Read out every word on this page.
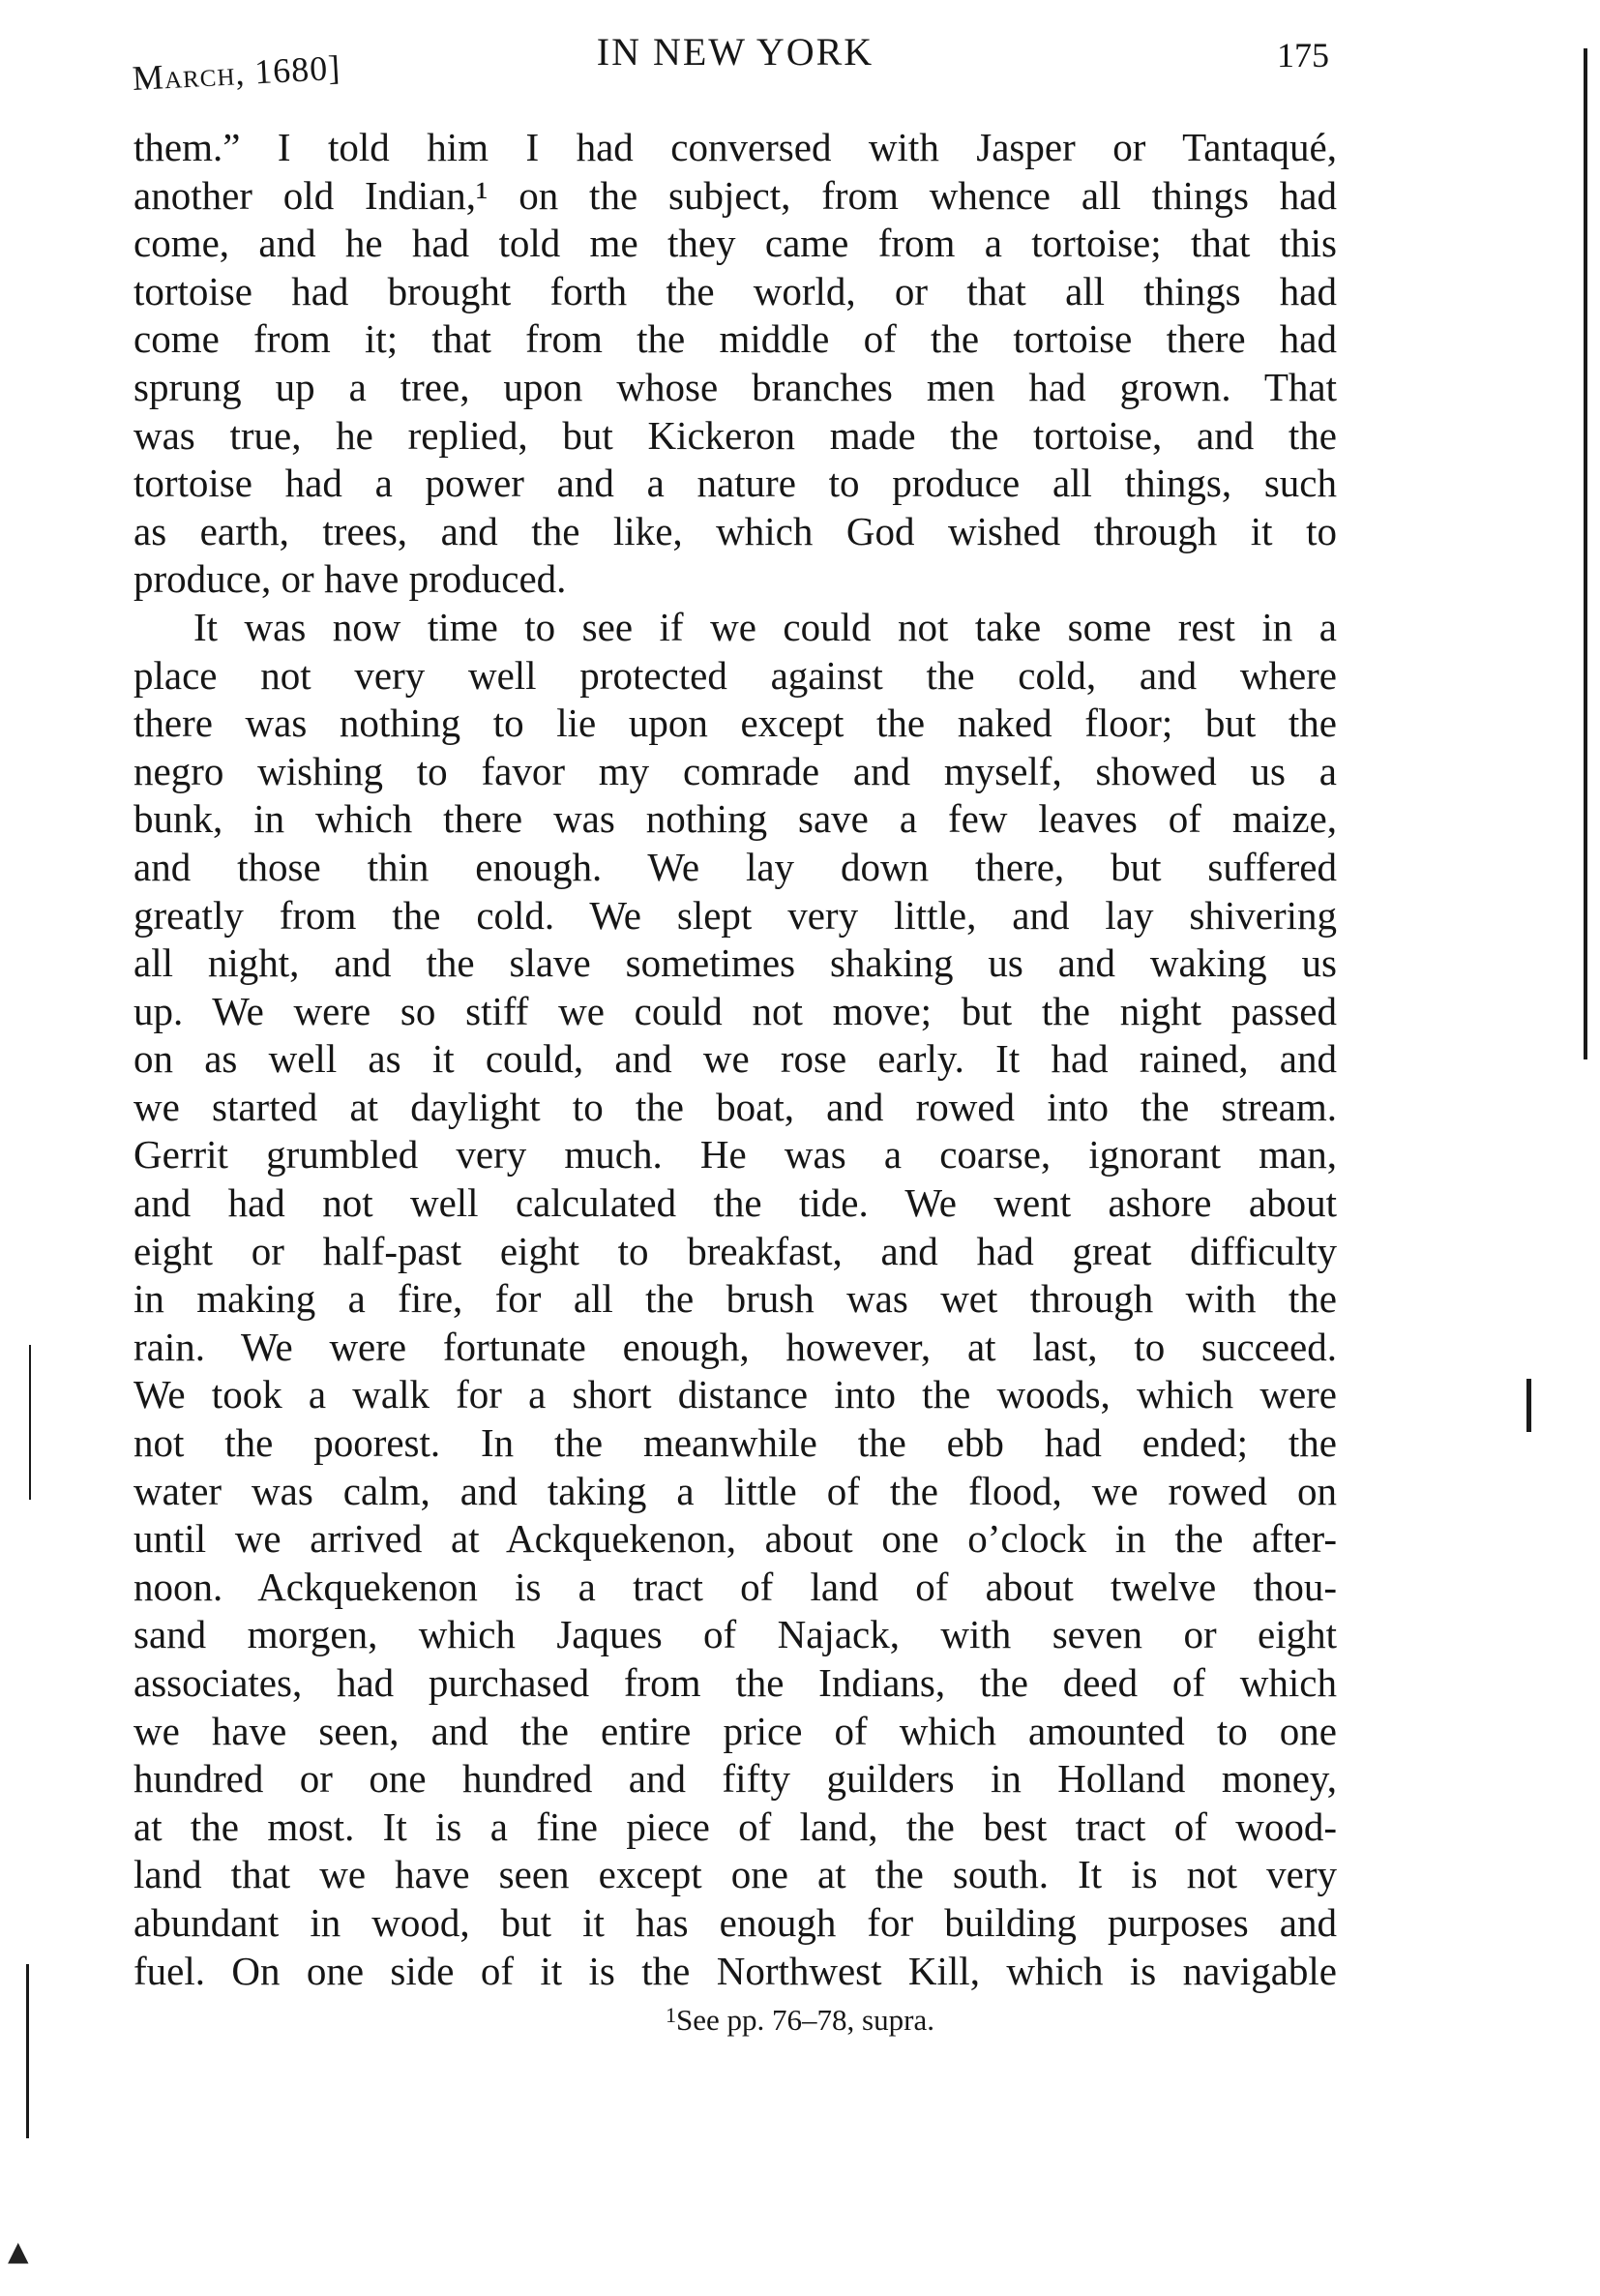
March, 1680]	IN NEW YORK	175
them.” I told him I had conversed with Jasper or Tantaqué,
another old Indian,¹ on the subject, from whence all things had
come, and he had told me they came from a tortoise; that this
tortoise had brought forth the world, or that all things had
come from it; that from the middle of the tortoise there had
sprung up a tree, upon whose branches men had grown. That
was true, he replied, but Kickeron made the tortoise, and the
tortoise had a power and a nature to produce all things, such
as earth, trees, and the like, which God wished through it to
produce, or have produced.
It was now time to see if we could not take some rest in a
place not very well protected against the cold, and where
there was nothing to lie upon except the naked floor; but the
negro wishing to favor my comrade and myself, showed us a
bunk, in which there was nothing save a few leaves of maize,
and those thin enough. We lay down there, but suffered
greatly from the cold. We slept very little, and lay shivering
all night, and the slave sometimes shaking us and waking us
up. We were so stiff we could not move; but the night passed
on as well as it could, and we rose early. It had rained, and
we started at daylight to the boat, and rowed into the stream.
Gerrit grumbled very much. He was a coarse, ignorant man,
and had not well calculated the tide. We went ashore about
eight or half-past eight to breakfast, and had great difficulty
in making a fire, for all the brush was wet through with the
rain. We were fortunate enough, however, at last, to succeed.
We took a walk for a short distance into the woods, which were
not the poorest. In the meanwhile the ebb had ended; the
water was calm, and taking a little of the flood, we rowed on
until we arrived at Ackquekenon, about one o’clock in the after-
noon. Ackquekenon is a tract of land of about twelve thou-
sand morgen, which Jaques of Najack, with seven or eight
associates, had purchased from the Indians, the deed of which
we have seen, and the entire price of which amounted to one
hundred or one hundred and fifty guilders in Holland money,
at the most. It is a fine piece of land, the best tract of wood-
land that we have seen except one at the south. It is not very
abundant in wood, but it has enough for building purposes and
fuel. On one side of it is the Northwest Kill, which is navigable
$^1$See pp. 76–78, supra.
▲
